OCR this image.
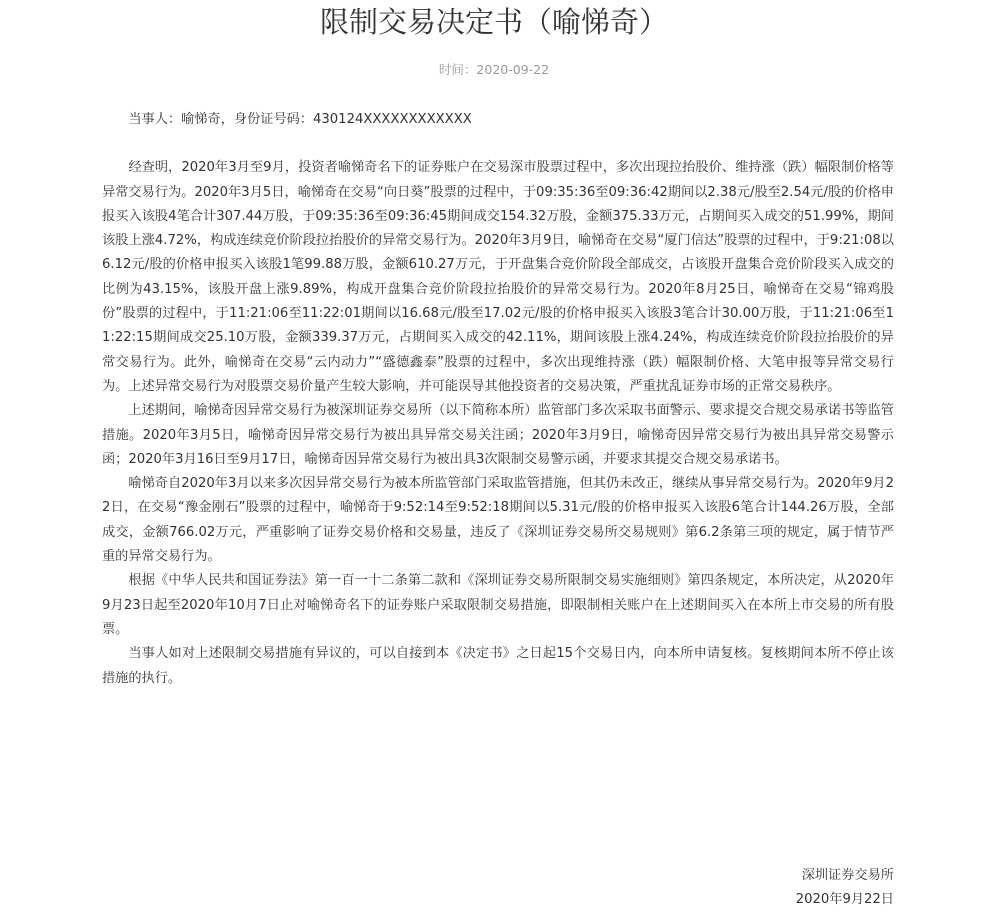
限制交易决定书（喻悌奇）
时间：2020-09-22

当事人：喻悌奇，身份证号码：430124XXXXXXXXXXXX

经查明，2020年3月至9月，投资者喻悌奇名下的证券账户在交易深市股票过程中，多次出现拉抬股价、维持涨（跌）幅限制价格等异常交易行为。2020年3月5日，喻悌奇在交易“向日葵”股票的过程中，于09:35:36至09:36:42期间以2.38元/股至2.54元/股的价格申报买入该股4笔合计307.44万股，于09:35:36至09:36:45期间成交154.32万股，金额375.33万元，占期间买入成交的51.99%，期间该股上涨4.72%，构成连续竞价阶段拉抬股价的异常交易行为。2020年3月9日，喻悌奇在交易“厦门信达”股票的过程中，于9:21:08以6.12元/股的价格申报买入该股1笔99.88万股，金额610.27万元，于开盘集合竞价阶段全部成交，占该股开盘集合竞价阶段买入成交的比例为43.15%，该股开盘上涨9.89%，构成开盘集合竞价阶段拉抬股价的异常交易行为。2020年8月25日，喻悌奇在交易“锦鸡股份”股票的过程中，于11:21:06至11:22:01期间以16.68元/股至17.02元/股的价格申报买入该股3笔合计30.00万股，于11:21:06至11:22:15期间成交25.10万股，金额339.37万元，占期间买入成交的42.11%，期间该股上涨4.24%，构成连续竞价阶段拉抬股价的异常交易行为。此外，喻悌奇在交易“云内动力”“盛德鑫泰”股票的过程中，多次出现维持涨（跌）幅限制价格、大笔申报等异常交易行为。上述异常交易行为对股票交易价量产生较大影响，并可能误导其他投资者的交易决策，严重扰乱证券市场的正常交易秩序。

上述期间，喻悌奇因异常交易行为被深圳证券交易所（以下简称本所）监管部门多次采取书面警示、要求提交合规交易承诺书等监管措施。2020年3月5日，喻悌奇因异常交易行为被出具异常交易关注函；2020年3月9日，喻悌奇因异常交易行为被出具异常交易警示函；2020年3月16日至9月17日，喻悌奇因异常交易行为被出具3次限制交易警示函，并要求其提交合规交易承诺书。

喻悌奇自2020年3月以来多次因异常交易行为被本所监管部门采取监管措施，但其仍未改正，继续从事异常交易行为。2020年9月22日，在交易“豫金刚石”股票的过程中，喻悌奇于9:52:14至9:52:18期间以5.31元/股的价格申报买入该股6笔合计144.26万股，全部成交，金额766.02万元，严重影响了证券交易价格和交易量，违反了《深圳证券交易所交易规则》第6.2条第三项的规定，属于情节严重的异常交易行为。

根据《中华人民共和国证券法》第一百一十二条第二款和《深圳证券交易所限制交易实施细则》第四条规定，本所决定，从2020年9月23日起至2020年10月7日止对喻悌奇名下的证券账户采取限制交易措施，即限制相关账户在上述期间买入在本所上市交易的所有股票。

当事人如对上述限制交易措施有异议的，可以自接到本《决定书》之日起15个交易日内，向本所申请复核。复核期间本所不停止该措施的执行。

深圳证券交易所
2020年9月22日
